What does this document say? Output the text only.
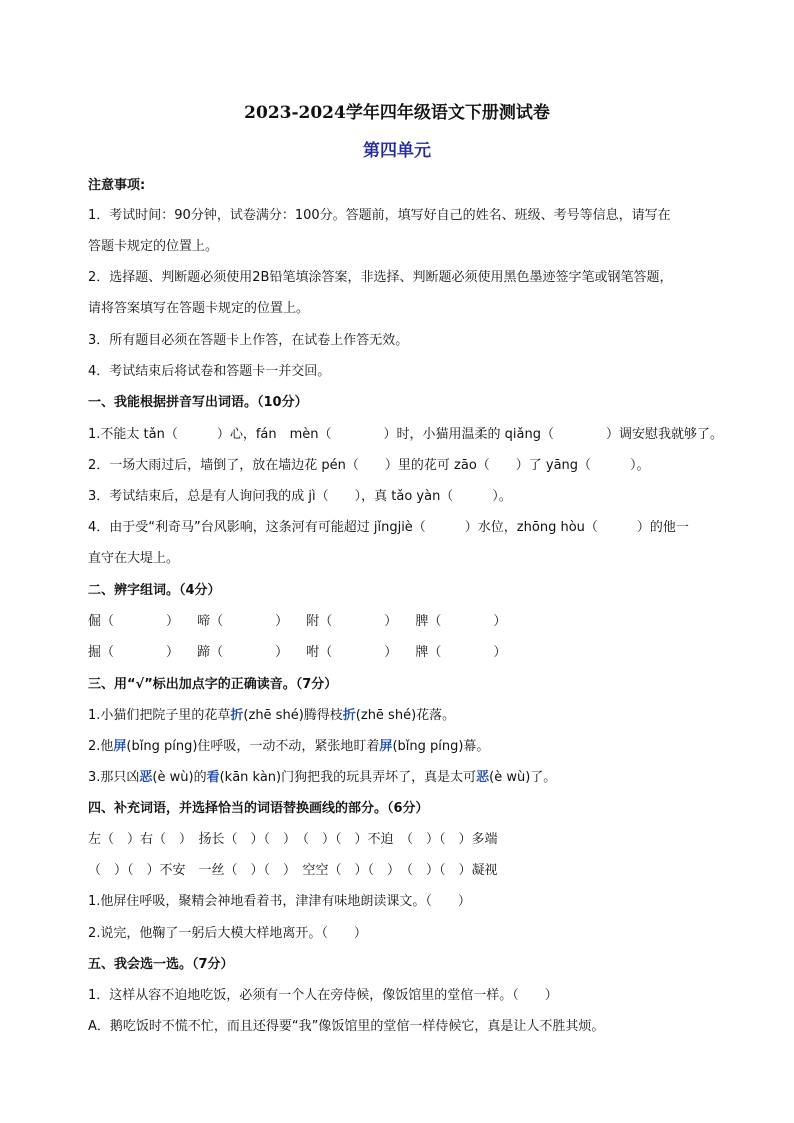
2023-2024学年四年级语文下册测试卷
第四单元
注意事项:
1．考试时间：90分钟，试卷满分：100分。答题前，填写好自己的姓名、班级、考号等信息，请写在
答题卡规定的位置上。
2．选择题、判断题必须使用2B铅笔填涂答案，非选择、判断题必须使用黑色墨迹签字笔或钢笔答题，
请将答案填写在答题卡规定的位置上。
3．所有题目必须在答题卡上作答，在试卷上作答无效。
4．考试结束后将试卷和答题卡一并交回。
一、我能根据拼音写出词语。（10分）
1.不能太 tǎn（　　　）心，fán　mèn（　　　　）时，小猫用温柔的 qiǎng（　　　　）调安慰我就够了。
2．一场大雨过后，墙倒了，放在墙边花 pén（　　）里的花可 zāo（　　）了 yāng（　　　）。
3．考试结束后，总是有人询问我的成 jì（　　），真 tǎo yàn（　　　）。
4．由于受“利奇马”台风影响，这条河有可能超过 jǐngjiè（　　　）水位，zhōng hòu（　　　）的他一
直守在大堤上。
二、辨字组词。（4分）
倔（　　　　） 啼（　　　　） 附（　　　　） 脾（　　　　）
掘（　　　　） 蹄（　　　　） 咐（　　　　） 牌（　　　　）
三、用“√”标出加点字的正确读音。（7分）
1.小猫们把院子里的花草折(zhē shé)腾得枝折(zhē shé)花落。
2.他屏(bǐng píng)住呼吸，一动不动，紧张地盯着屏(bǐng píng)幕。
3.那只凶恶(è wù)的看(kān kàn)门狗把我的玩具弄坏了，真是太可恶(è wù)了。
四、补充词语，并选择恰当的词语替换画线的部分。（6分）
左（　）右（　）　扬长（　）（　）　（　）（　）不迫　（　）（　）多端
（　）（　）不安　一丝（　）（　）　空空（　）（　）　（　）（　）凝视
1.他屏住呼吸，聚精会神地看着书，津津有味地朗读课文。（　　）
2.说完，他鞠了一躬后大模大样地离开。（　　）
五、我会选一选。（7分）
1．这样从容不迫地吃饭，必须有一个人在旁侍候，像饭馆里的堂倌一样。（　　）
A．鹅吃饭时不慌不忙，而且还得要“我”像饭馆里的堂倌一样侍候它，真是让人不胜其烦。
